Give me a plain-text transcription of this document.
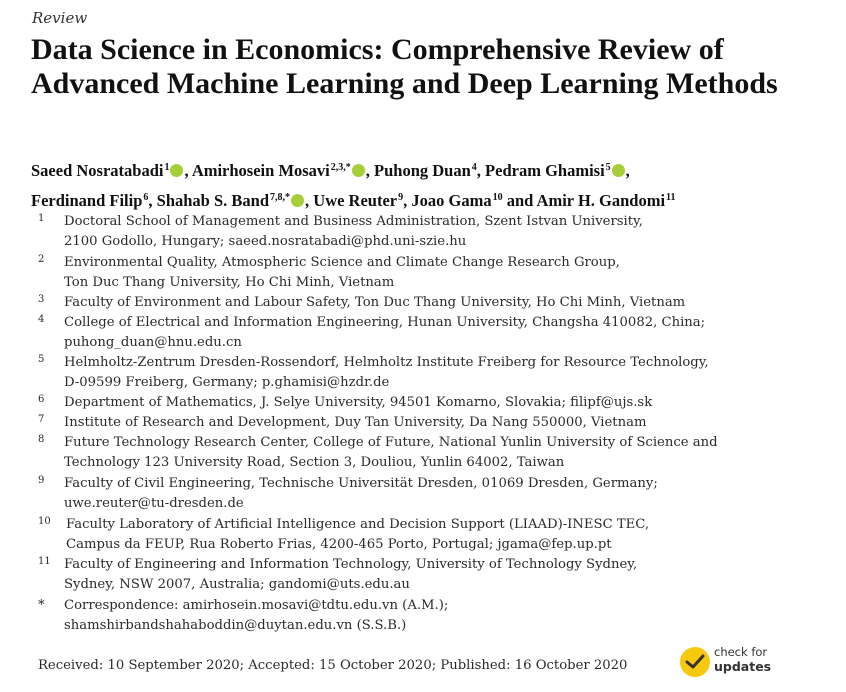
Review
Data Science in Economics: Comprehensive Review of Advanced Machine Learning and Deep Learning Methods
Saeed Nosratabadi$^1$ , Amirhosein Mosavi$^{2,3,*}$ , Puhong Duan$^4$, Pedram Ghamisi$^5$ ,
Ferdinand Filip$^6$, Shahab S. Band$^{7,8,*}$ , Uwe Reuter$^9$, Joao Gama$^{10}$ and Amir H. Gandomi$^{11}$
1 Doctoral School of Management and Business Administration, Szent Istvan University,
2100 Godollo, Hungary; saeed.nosratabadi@phd.uni-szie.hu
2 Environmental Quality, Atmospheric Science and Climate Change Research Group,
Ton Duc Thang University, Ho Chi Minh, Vietnam
3 Faculty of Environment and Labour Safety, Ton Duc Thang University, Ho Chi Minh, Vietnam
4 College of Electrical and Information Engineering, Hunan University, Changsha 410082, China;
puhong_duan@hnu.edu.cn
5 Helmholtz-Zentrum Dresden-Rossendorf, Helmholtz Institute Freiberg for Resource Technology,
D-09599 Freiberg, Germany; p.ghamisi@hzdr.de
6 Department of Mathematics, J. Selye University, 94501 Komarno, Slovakia; filipf@ujs.sk
7 Institute of Research and Development, Duy Tan University, Da Nang 550000, Vietnam
8 Future Technology Research Center, College of Future, National Yunlin University of Science and
Technology 123 University Road, Section 3, Douliou, Yunlin 64002, Taiwan
9 Faculty of Civil Engineering, Technische Universität Dresden, 01069 Dresden, Germany;
uwe.reuter@tu-dresden.de
10 Faculty Laboratory of Artificial Intelligence and Decision Support (LIAAD)-INESC TEC,
Campus da FEUP, Rua Roberto Frias, 4200-465 Porto, Portugal; jgama@fep.up.pt
11 Faculty of Engineering and Information Technology, University of Technology Sydney,
Sydney, NSW 2007, Australia; gandomi@uts.edu.au
* Correspondence: amirhosein.mosavi@tdtu.edu.vn (A.M.);
shamshirbandshahaboddin@duytan.edu.vn (S.S.B.)
Received: 10 September 2020; Accepted: 15 October 2020; Published: 16 October 2020
check for
updates
